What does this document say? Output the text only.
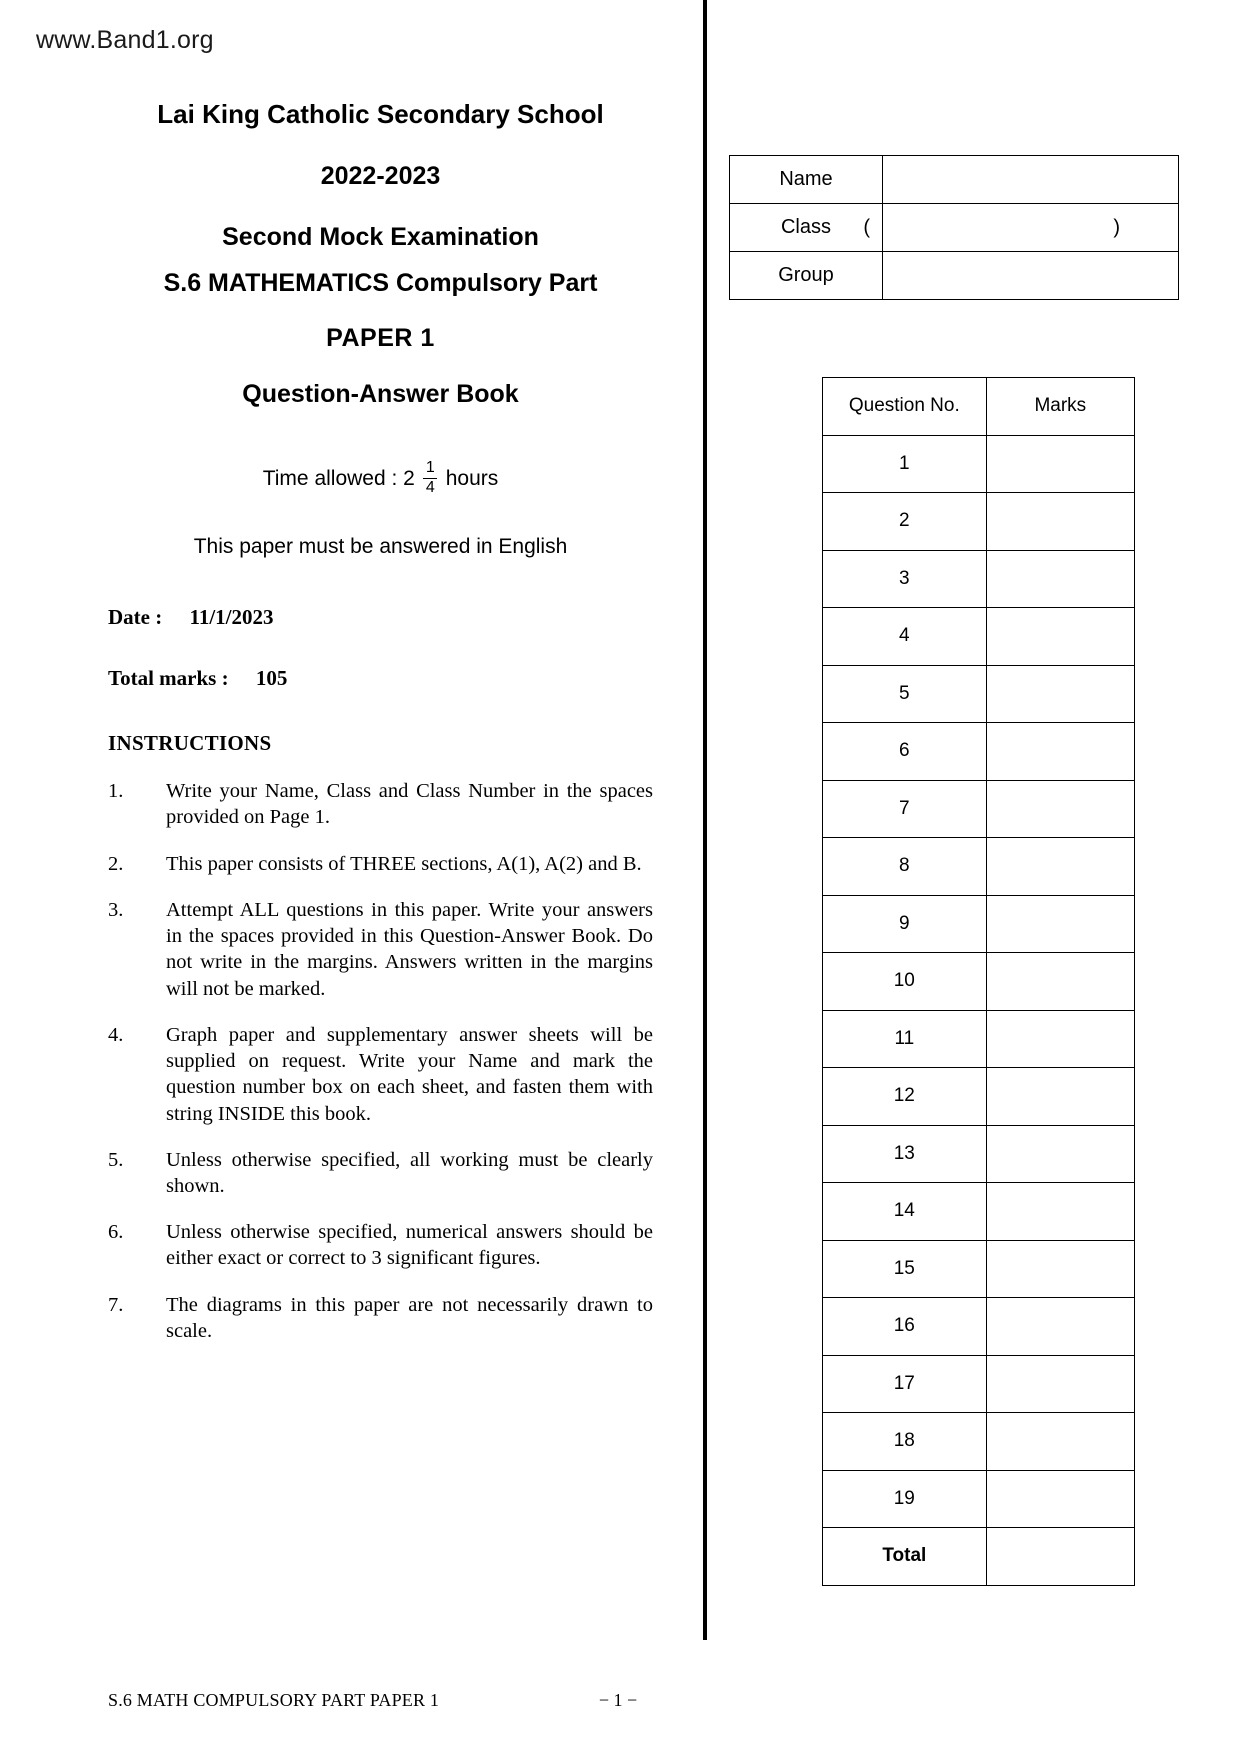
www.Band1.org
Lai King Catholic Secondary School
2022-2023
Second Mock Examination
S.6 MATHEMATICS Compulsory Part
PAPER 1
Question-Answer Book
Time allowed : $2 \frac{1}{4}$ hours
This paper must be answered in English
Date : 11/1/2023
Total marks : 105
INSTRUCTIONS
1.	Write your Name, Class and Class Number in the spaces provided on Page 1.
2.	This paper consists of THREE sections, A(1), A(2) and B.
3.	Attempt ALL questions in this paper. Write your answers in the spaces provided in this Question-Answer Book. Do not write in the margins. Answers written in the margins will not be marked.
4.	Graph paper and supplementary answer sheets will be supplied on request. Write your Name and mark the question number box on each sheet, and fasten them with string INSIDE this book.
5.	Unless otherwise specified, all working must be clearly shown.
6.	Unless otherwise specified, numerical answers should be either exact or correct to 3 significant figures.
7.	The diagrams in this paper are not necessarily drawn to scale.
Name	
Class	(      )

Group	
Question No.	Marks
1	
2	
3	
4	
5	
6	
7	
8	
9	
10	
11	
12	
13	
14	
15	
16	
17	
18	
19	
Total	
S.6 MATH COMPULSORY PART PAPER 1	− 1 −
